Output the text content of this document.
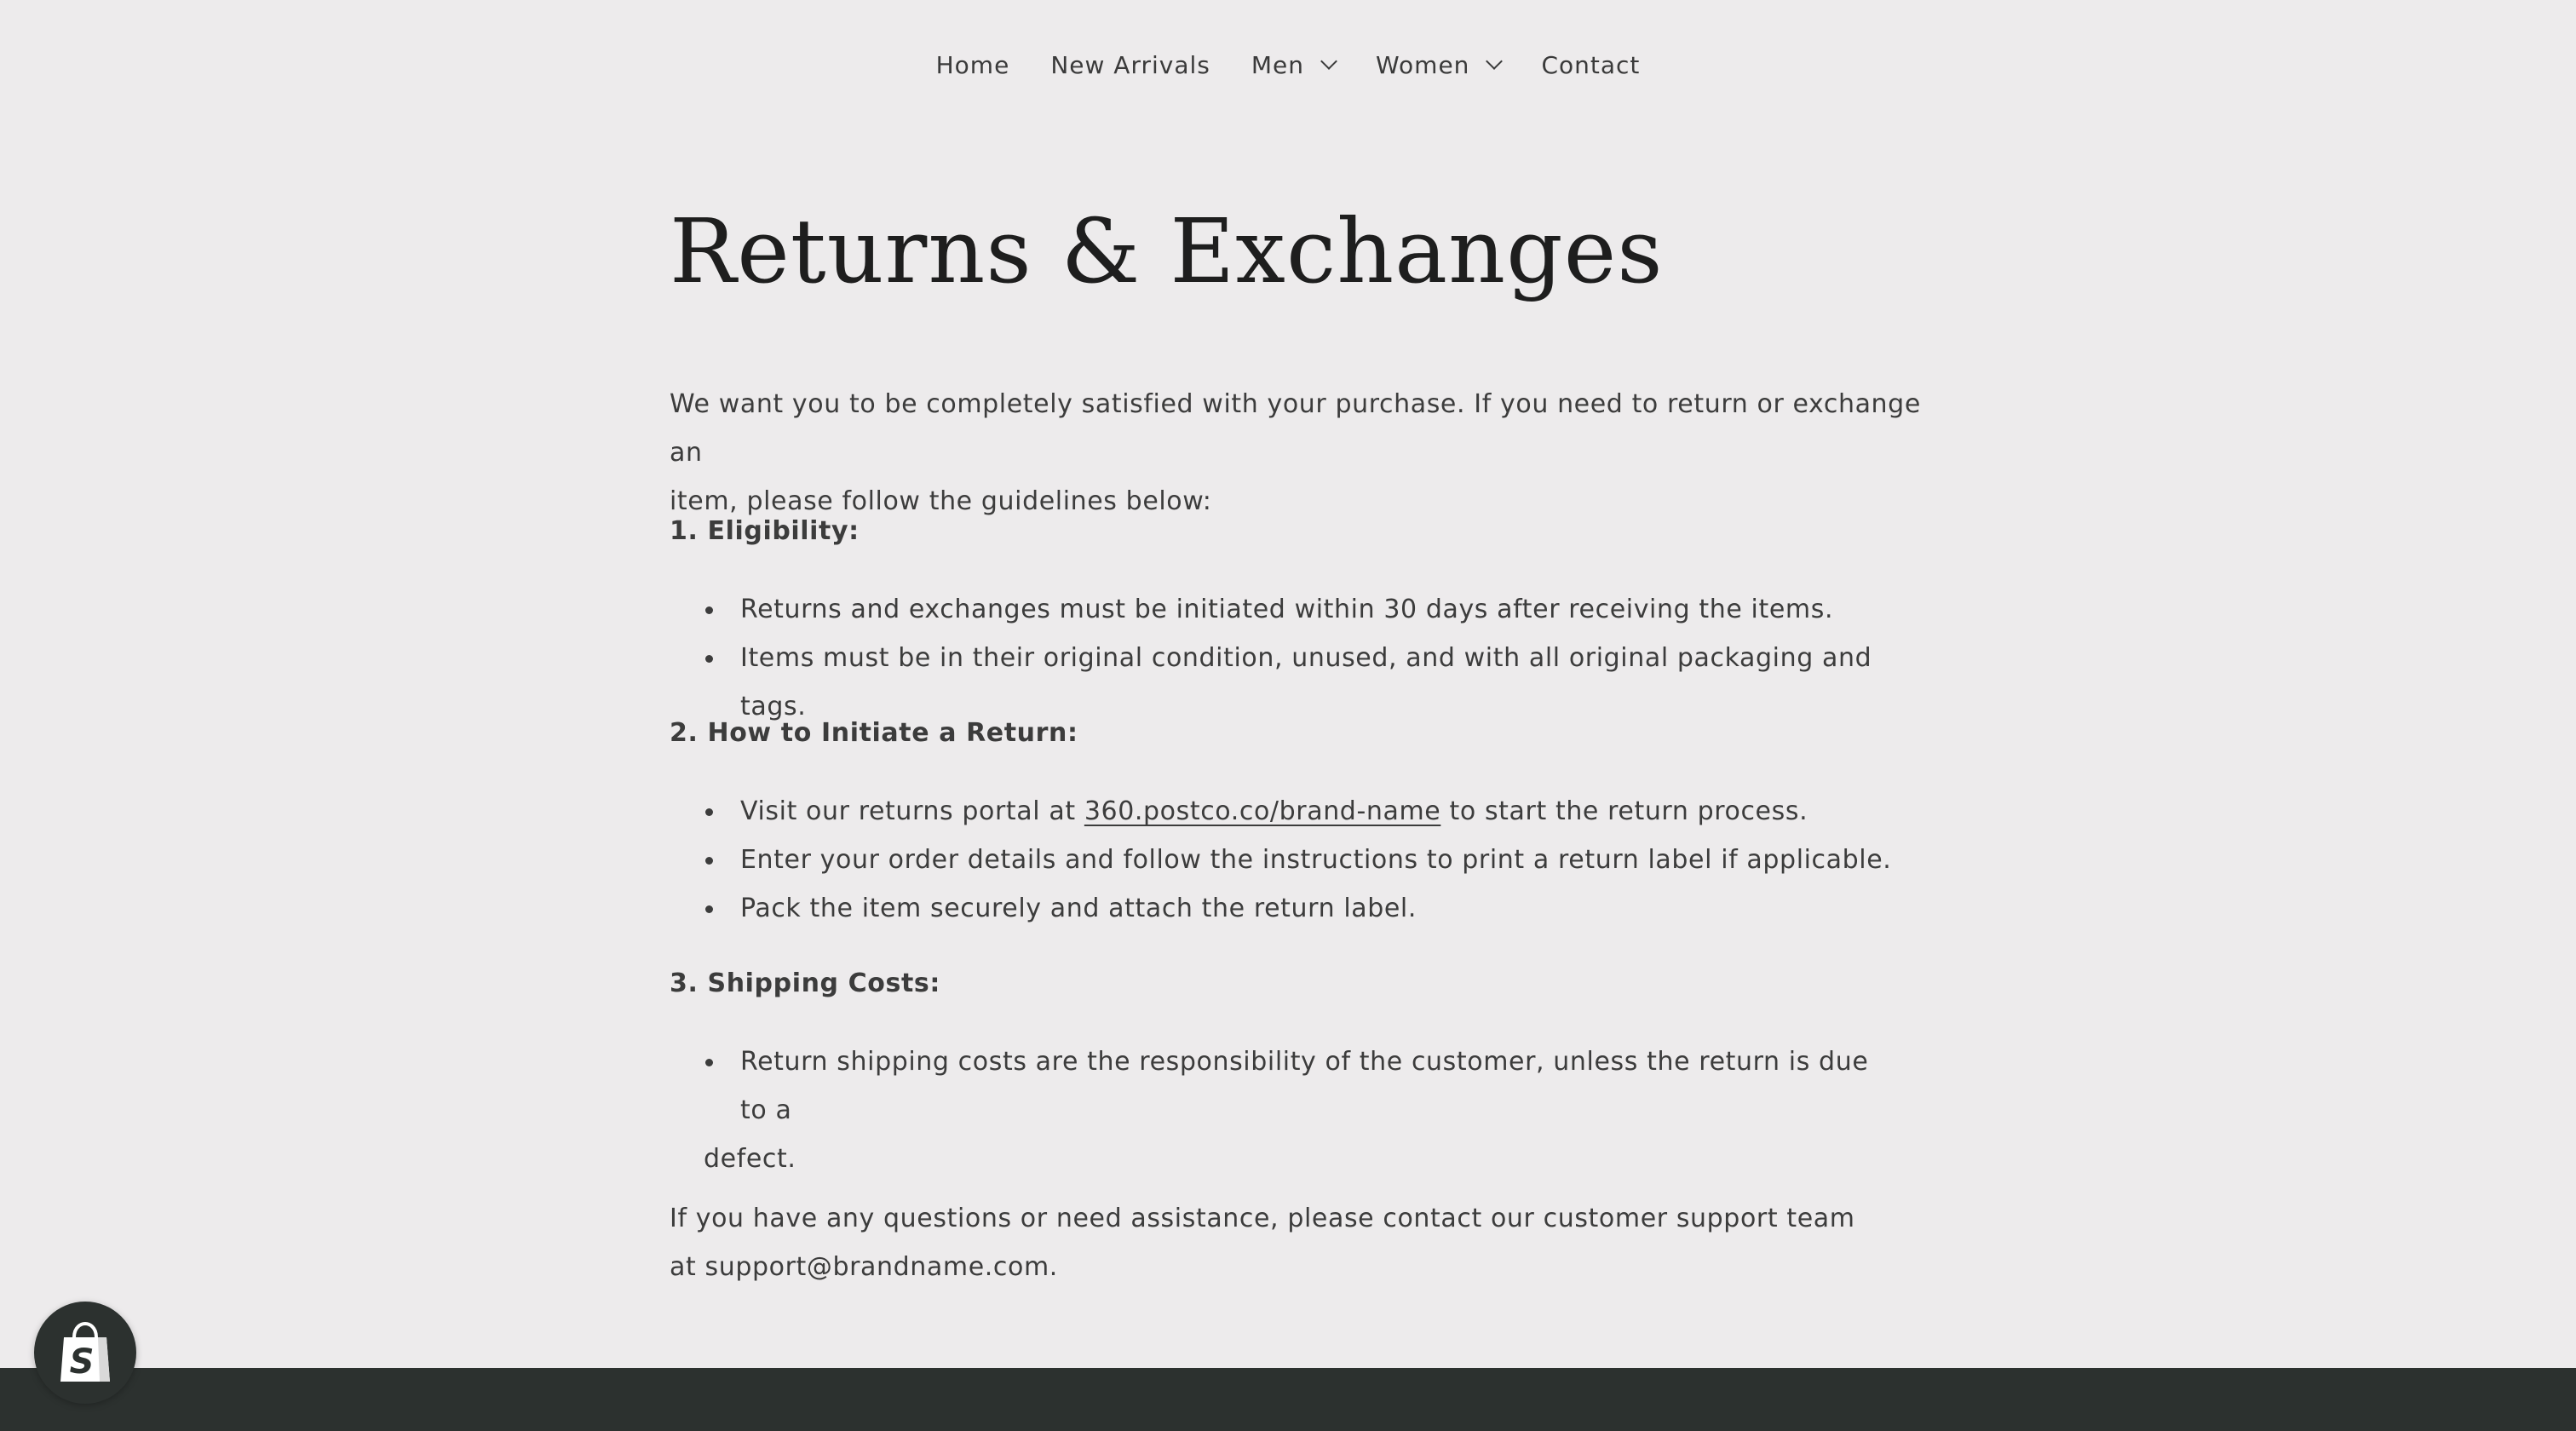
Home New Arrivals Men	Women	Contact
Returns & Exchanges

We want you to be completely satisfied with your purchase. If you need to return or exchange an
item, please follow the guidelines below:

1. Eligibility:

Returns and exchanges must be initiated within 30 days after receiving the items.
Items must be in their original condition, unused, and with all original packaging and tags.

2. How to Initiate a Return:

Visit our returns portal at 360.postco.co/brand-name to start the return process.
Enter your order details and follow the instructions to print a return label if applicable.
Pack the item securely and attach the return label.

3. Shipping Costs:

Return shipping costs are the responsibility of the customer, unless the return is due to a
defect.

If you have any questions or need assistance, please contact our customer support team
at support@brandname.com.

S
